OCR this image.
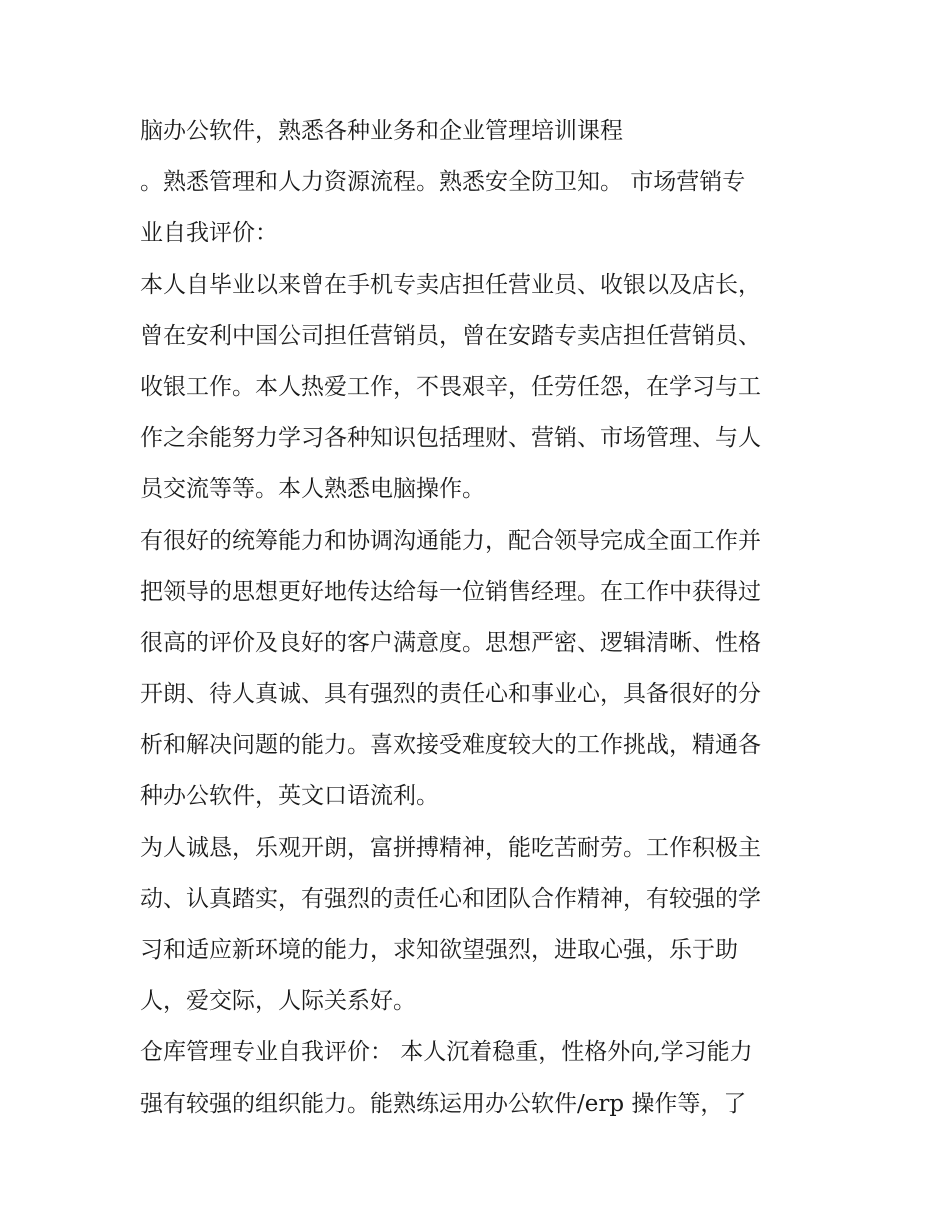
脑办公软件，熟悉各种业务和企业管理培训课程
。熟悉管理和人力资源流程。熟悉安全防卫知。 市场营销专
业自我评价：
本人自毕业以来曾在手机专卖店担任营业员、收银以及店长，
曾在安利中国公司担任营销员，曾在安踏专卖店担任营销员、
收银工作。本人热爱工作，不畏艰辛，任劳任怨，在学习与工
作之余能努力学习各种知识包括理财、营销、市场管理、与人
员交流等等。本人熟悉电脑操作。
有很好的统筹能力和协调沟通能力，配合领导完成全面工作并
把领导的思想更好地传达给每一位销售经理。在工作中获得过
很高的评价及良好的客户满意度。思想严密、逻辑清晰、性格
开朗、待人真诚、具有强烈的责任心和事业心，具备很好的分
析和解决问题的能力。喜欢接受难度较大的工作挑战，精通各
种办公软件，英文口语流利。
为人诚恳，乐观开朗，富拼搏精神，能吃苦耐劳。工作积极主
动、认真踏实，有强烈的责任心和团队合作精神，有较强的学
习和适应新环境的能力，求知欲望强烈，进取心强，乐于助
人，爱交际，人际关系好。
仓库管理专业自我评价： 本人沉着稳重，性格外向,学习能力
强有较强的组织能力。能熟练运用办公软件/erp 操作等，了
